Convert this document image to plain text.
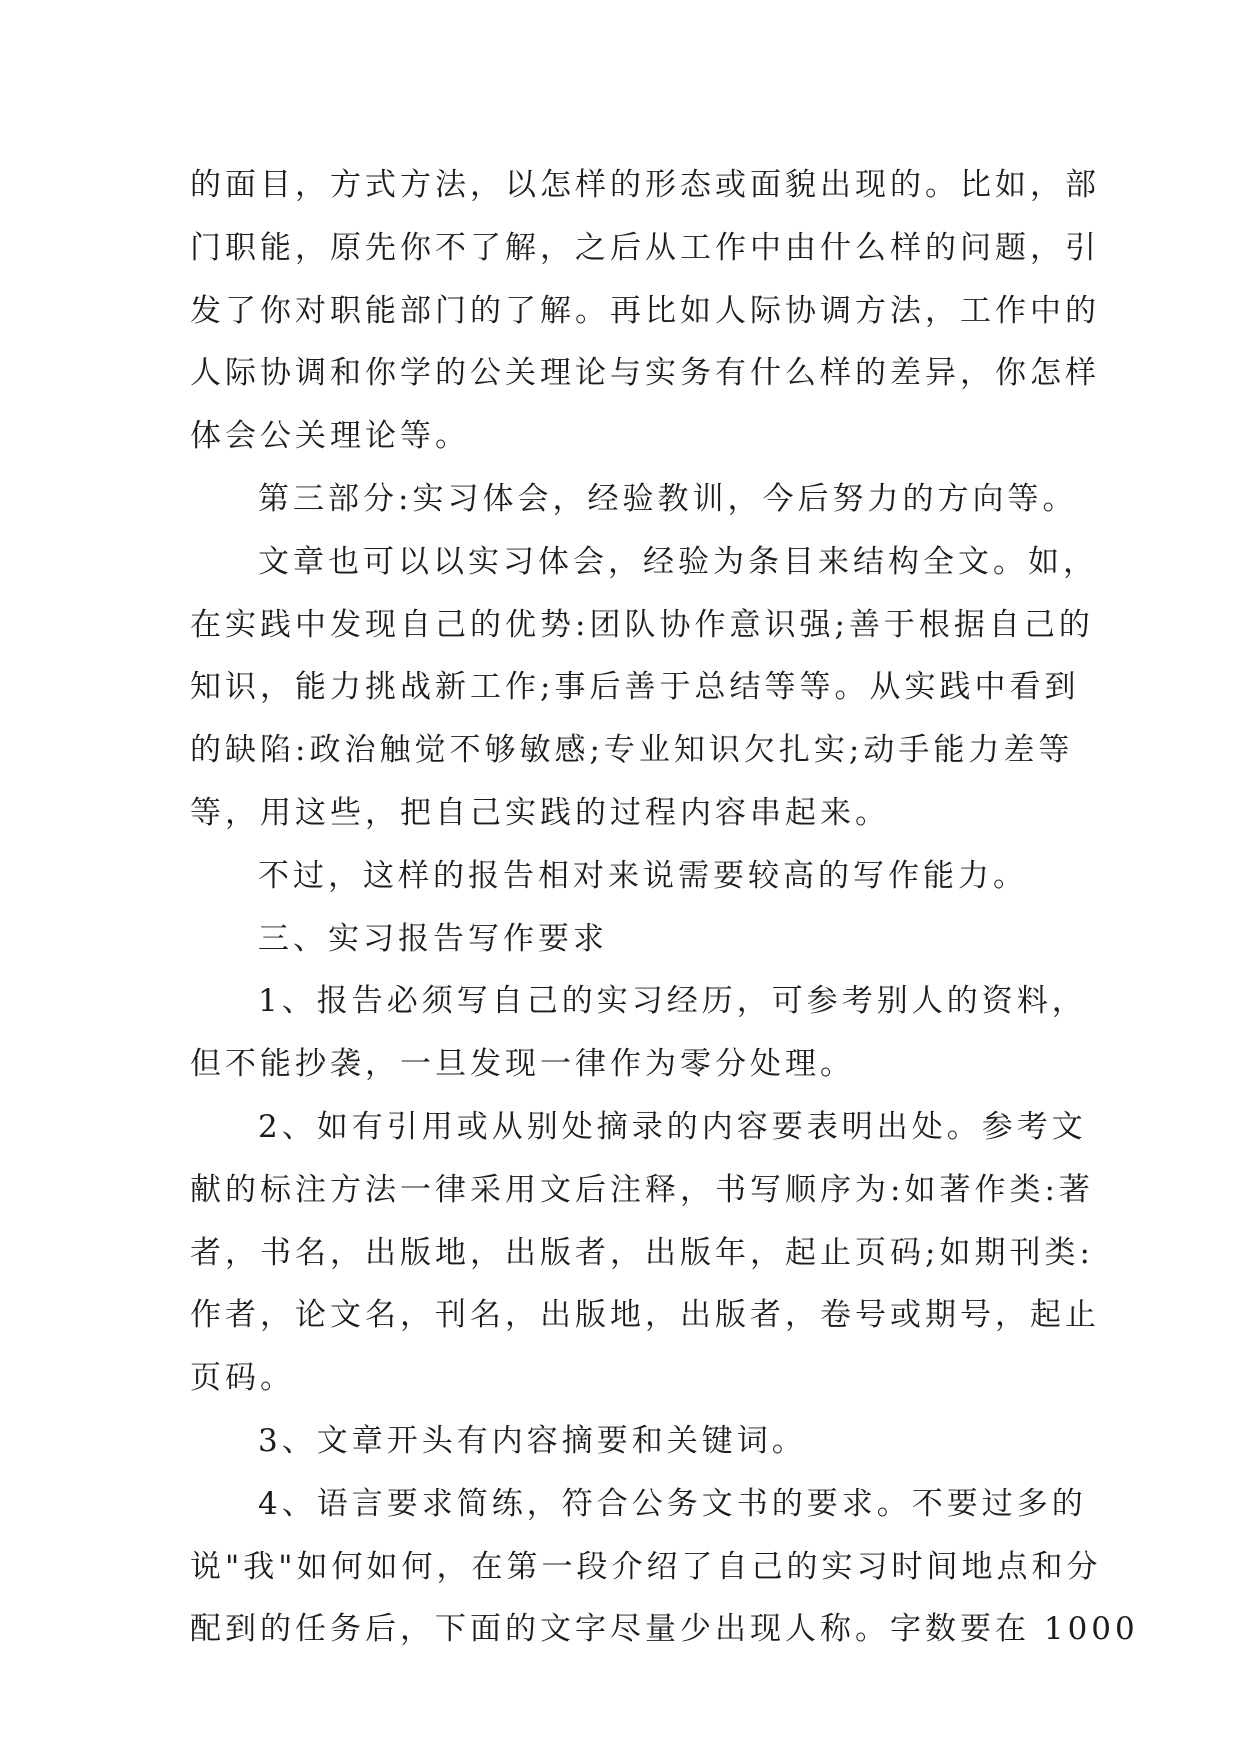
的面目，方式方法，以怎样的形态或面貌出现的。比如，部
门职能，原先你不了解，之后从工作中由什么样的问题，引
发了你对职能部门的了解。再比如人际协调方法，工作中的
人际协调和你学的公关理论与实务有什么样的差异，你怎样
体会公关理论等。
第三部分:实习体会，经验教训，今后努力的方向等。
文章也可以以实习体会，经验为条目来结构全文。如，
在实践中发现自己的优势:团队协作意识强;善于根据自己的
知识，能力挑战新工作;事后善于总结等等。从实践中看到
的缺陷:政治触觉不够敏感;专业知识欠扎实;动手能力差等
等，用这些，把自己实践的过程内容串起来。
不过，这样的报告相对来说需要较高的写作能力。
三、实习报告写作要求
1、报告必须写自己的实习经历，可参考别人的资料，
但不能抄袭，一旦发现一律作为零分处理。
2、如有引用或从别处摘录的内容要表明出处。参考文
献的标注方法一律采用文后注释，书写顺序为:如著作类:著
者，书名，出版地，出版者，出版年，起止页码;如期刊类:
作者，论文名，刊名，出版地，出版者，卷号或期号，起止
页码。
3、文章开头有内容摘要和关键词。
4、语言要求简练，符合公务文书的要求。不要过多的
说"我"如何如何，在第一段介绍了自己的实习时间地点和分
配到的任务后，下面的文字尽量少出现人称。字数要在 1000
